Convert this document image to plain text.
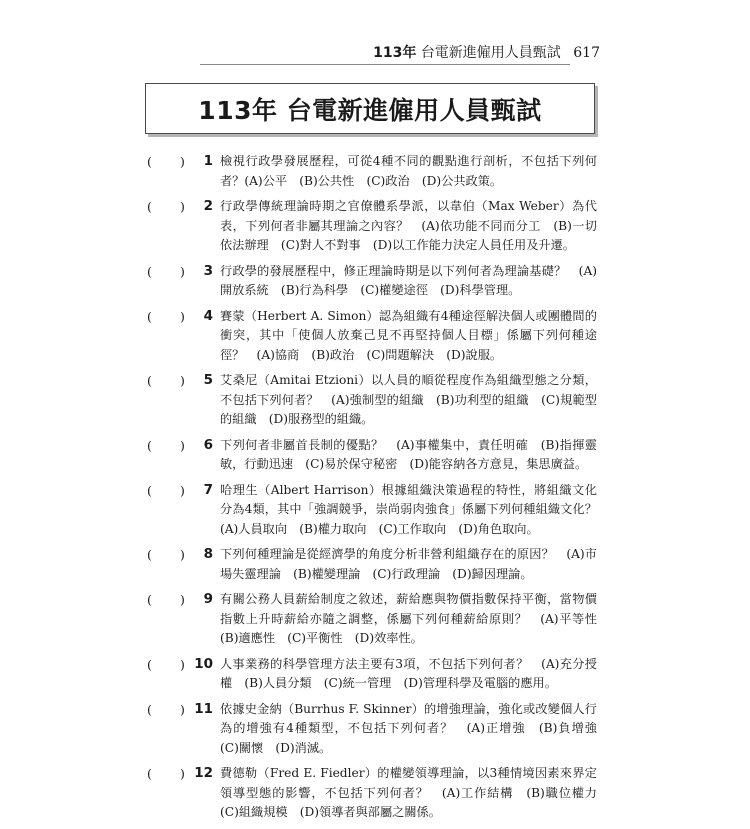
113年 台電新進僱用人員甄試 617
113年 台電新進僱用人員甄試
( )	1 檢視行政學發展歷程，可從4種不同的觀點進行剖析，不包括下列何者？(A)公平　(B)公共性　(C)政治　(D)公共政策。
( )	2 行政學傳統理論時期之官僚體系學派，以韋伯（Max Weber）為代表，下列何者非屬其理論之內容？　(A)依功能不同而分工　(B)一切依法辦理　(C)對人不對事　(D)以工作能力決定人員任用及升遷。
( )	3 行政學的發展歷程中，修正理論時期是以下列何者為理論基礎？　(A)開放系統　(B)行為科學　(C)權變途徑　(D)科學管理。
( )	4 賽蒙（Herbert A. Simon）認為組織有4種途徑解決個人或團體間的衝突，其中「使個人放棄己見不再堅持個人目標」係屬下列何種途徑？　(A)協商　(B)政治　(C)問題解決　(D)說服。
( )	5 艾桑尼（Amitai Etzioni）以人員的順從程度作為組織型態之分類，不包括下列何者？　(A)強制型的組織　(B)功利型的組織　(C)規範型的組織　(D)服務型的組織。
( )	6 下列何者非屬首長制的優點？　(A)事權集中，責任明確　(B)指揮靈敏，行動迅速　(C)易於保守秘密　(D)能容納各方意見，集思廣益。
( )	7 哈理生（Albert Harrison）根據組織決策過程的特性，將組織文化分為4類，其中「強調競爭，崇尚弱肉強食」係屬下列何種組織文化？　(A)人員取向　(B)權力取向　(C)工作取向　(D)角色取向。
( )	8 下列何種理論是從經濟學的角度分析非營利組織存在的原因？　(A)市場失靈理論　(B)權變理論　(C)行政理論　(D)歸因理論。
( )	9 有關公務人員薪給制度之敘述，薪給應與物價指數保持平衡，當物價指數上升時薪給亦隨之調整，係屬下列何種薪給原則？　(A)平等性　(B)適應性　(C)平衡性　(D)效率性。
( ) 10 人事業務的科學管理方法主要有3項，不包括下列何者？　(A)充分授權　(B)人員分類　(C)統一管理　(D)管理科學及電腦的應用。
( ) 11 依據史金納（Burrhus F. Skinner）的增強理論，強化或改變個人行為的增強有4種類型，不包括下列何者？　(A)正增強　(B)負增強　(C)關懷　(D)消滅。
( ) 12 費德勒（Fred E. Fiedler）的權變領導理論，以3種情境因素來界定領導型態的影響，不包括下列何者？　(A)工作結構　(B)職位權力　(C)組織規模　(D)領導者與部屬之關係。
